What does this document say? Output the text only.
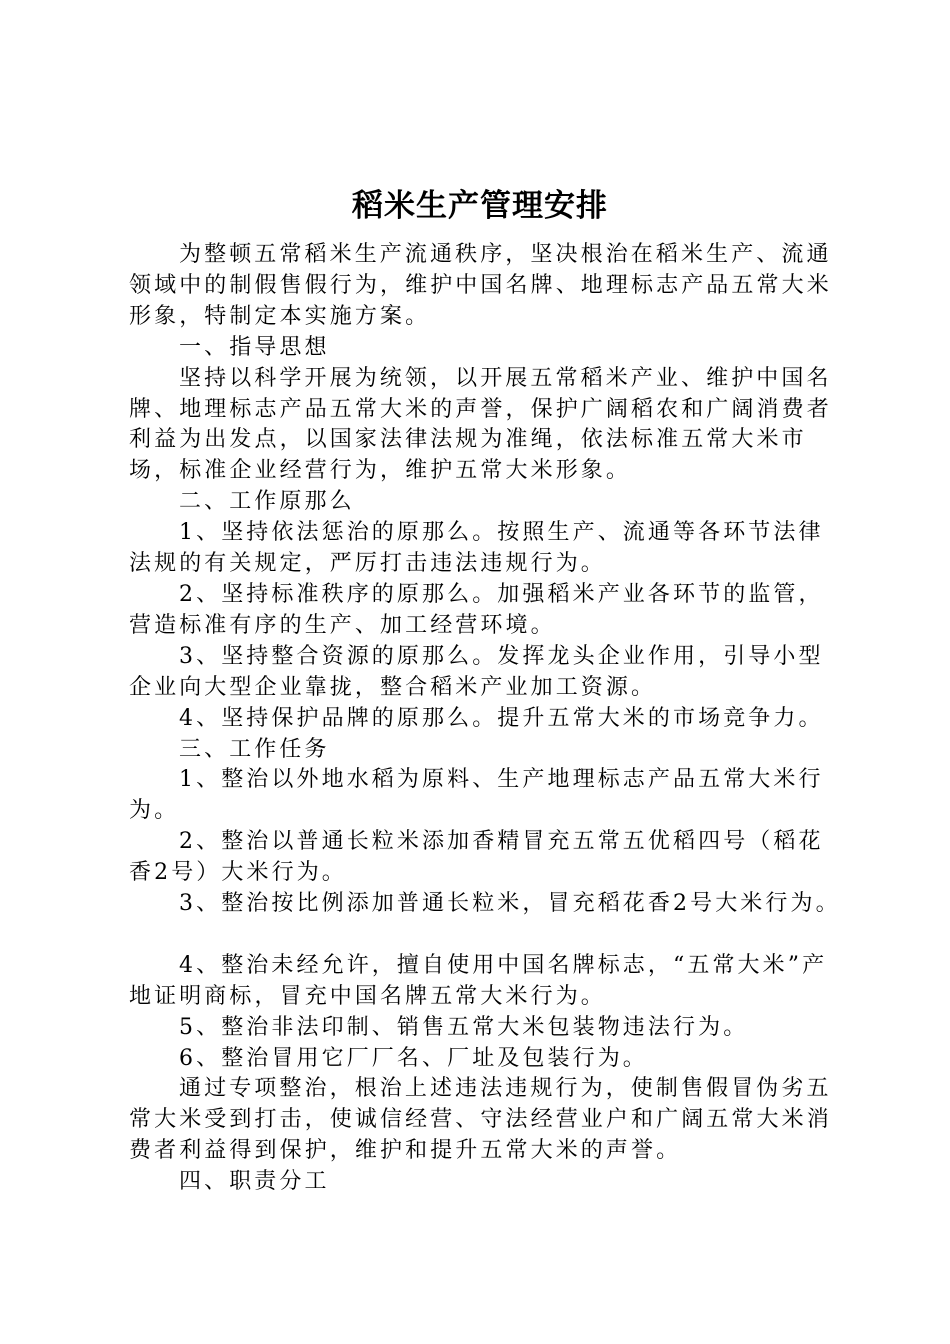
稻米生产管理安排

为整顿五常稻米生产流通秩序，坚决根治在稻米生产、流通领域中的制假售假行为，维护中国名牌、地理标志产品五常大米形象，特制定本实施方案。

一、指导思想

坚持以科学开展为统领，以开展五常稻米产业、维护中国名牌、地理标志产品五常大米的声誉，保护广阔稻农和广阔消费者利益为出发点，以国家法律法规为准绳，依法标准五常大米市场，标准企业经营行为，维护五常大米形象。

二、工作原那么

1、坚持依法惩治的原那么。按照生产、流通等各环节法律法规的有关规定，严厉打击违法违规行为。

2、坚持标准秩序的原那么。加强稻米产业各环节的监管，营造标准有序的生产、加工经营环境。

3、坚持整合资源的原那么。发挥龙头企业作用，引导小型企业向大型企业靠拢，整合稻米产业加工资源。

4、坚持保护品牌的原那么。提升五常大米的市场竞争力。

三、工作任务

1、整治以外地水稻为原料、生产地理标志产品五常大米行为。

2、整治以普通长粒米添加香精冒充五常五优稻四号（稻花香2号）大米行为。

3、整治按比例添加普通长粒米，冒充稻花香2号大米行为。

4、整治未经允许，擅自使用中国名牌标志，“五常大米”产地证明商标，冒充中国名牌五常大米行为。

5、整治非法印制、销售五常大米包装物违法行为。

6、整治冒用它厂厂名、厂址及包装行为。

通过专项整治，根治上述违法违规行为，使制售假冒伪劣五常大米受到打击，使诚信经营、守法经营业户和广阔五常大米消费者利益得到保护，维护和提升五常大米的声誉。

四、职责分工
